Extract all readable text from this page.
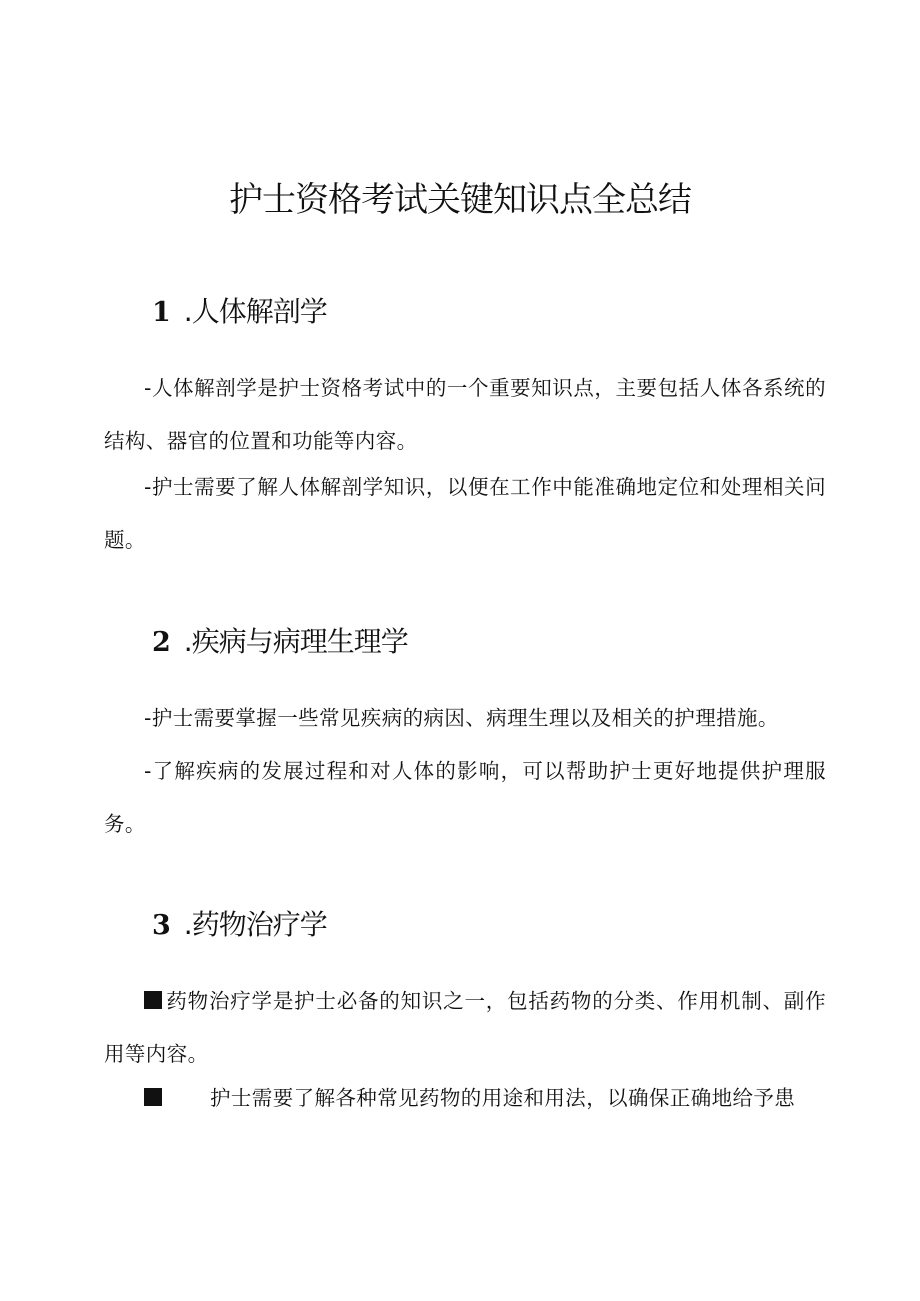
护士资格考试关键知识点全总结
1 .人体解剖学

-人体解剖学是护士资格考试中的一个重要知识点，主要包括人体各系统的结构、器官的位置和功能等内容。

-护士需要了解人体解剖学知识，以便在工作中能准确地定位和处理相关问题。

2 .疾病与病理生理学

-护士需要掌握一些常见疾病的病因、病理生理以及相关的护理措施。

-了解疾病的发展过程和对人体的影响，可以帮助护士更好地提供护理服务。

3 .药物治疗学

药物治疗学是护士必备的知识之一，包括药物的分类、作用机制、副作用等内容。

护士需要了解各种常见药物的用途和用法，以确保正确地给予患
